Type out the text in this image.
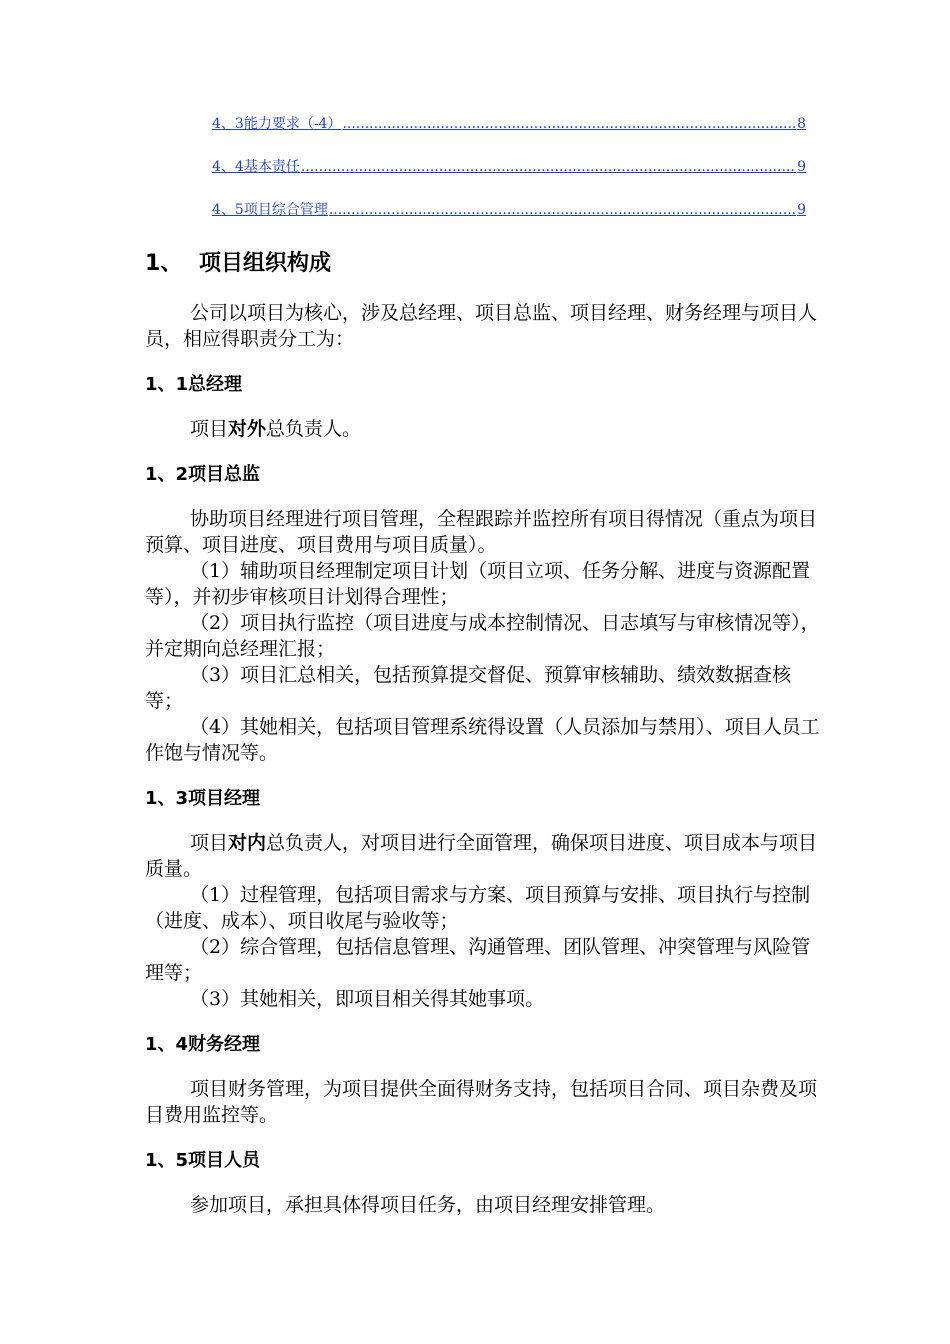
4、3能力要求（-4） .....	8
4、4基本责任 .....	9
4、5项目综合管理 .....	9
1、 项目组织构成

公司以项目为核心，涉及总经理、项目总监、项目经理、财务经理与项目人员，相应得职责分工为：

1、1总经理

项目对外总负责人。

1、2项目总监

协助项目经理进行项目管理，全程跟踪并监控所有项目得情况（重点为项目预算、项目进度、项目费用与项目质量）。

（1）辅助项目经理制定项目计划（项目立项、任务分解、进度与资源配置等），并初步审核项目计划得合理性；

（2）项目执行监控（项目进度与成本控制情况、日志填写与审核情况等），并定期向总经理汇报；

（3）项目汇总相关，包括预算提交督促、预算审核辅助、绩效数据查核等；

（4）其她相关，包括项目管理系统得设置（人员添加与禁用）、项目人员工作饱与情况等。

1、3项目经理

项目对内总负责人，对项目进行全面管理，确保项目进度、项目成本与项目质量。

（1）过程管理，包括项目需求与方案、项目预算与安排、项目执行与控制（进度、成本）、项目收尾与验收等；

（2）综合管理，包括信息管理、沟通管理、团队管理、冲突管理与风险管理等；

（3）其她相关，即项目相关得其她事项。

1、4财务经理

项目财务管理，为项目提供全面得财务支持，包括项目合同、项目杂费及项目费用监控等。

1、5项目人员

参加项目，承担具体得项目任务，由项目经理安排管理。
